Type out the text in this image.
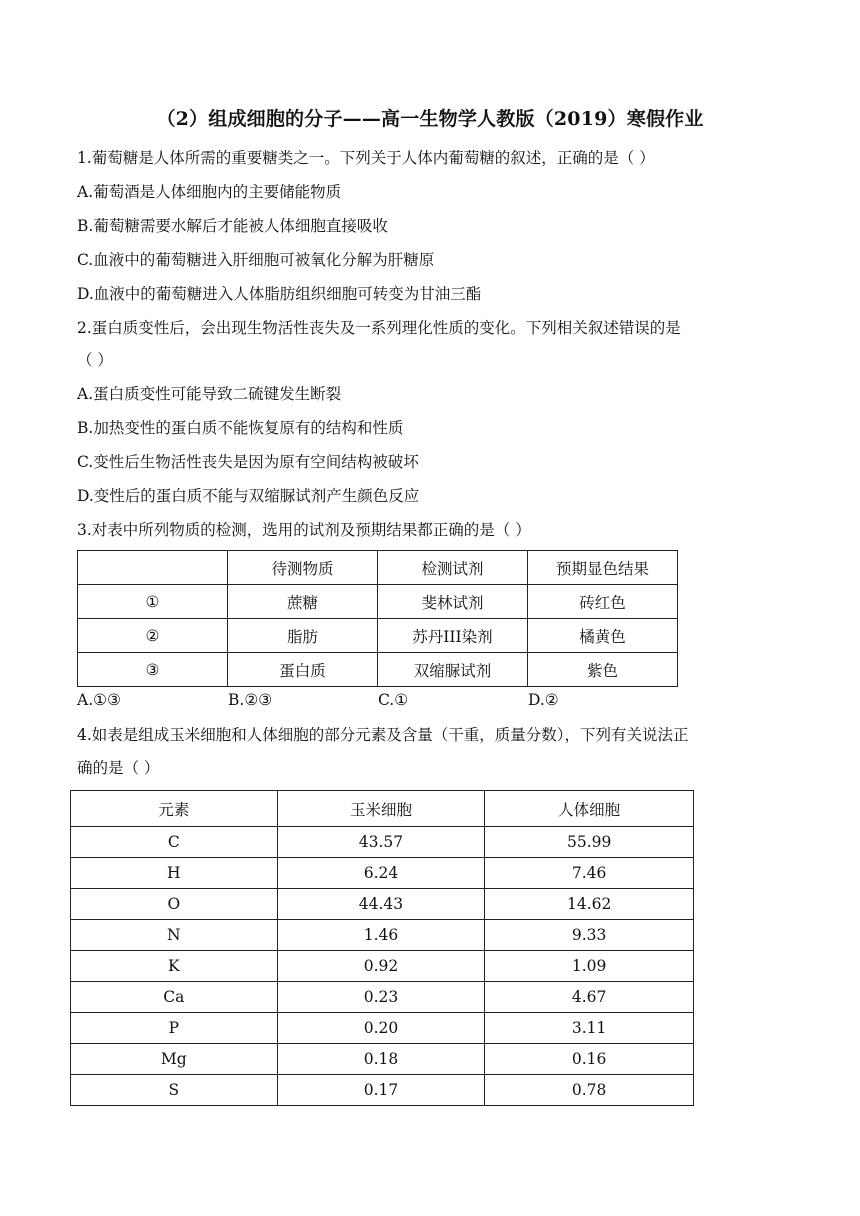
（2）组成细胞的分子——高一生物学人教版（2019）寒假作业

1.葡萄糖是人体所需的重要糖类之一。下列关于人体内葡萄糖的叙述，正确的是（ ）

A.葡萄酒是人体细胞内的主要储能物质

B.葡萄糖需要水解后才能被人体细胞直接吸收

C.血液中的葡萄糖进入肝细胞可被氧化分解为肝糖原

D.血液中的葡萄糖进入人体脂肪组织细胞可转变为甘油三酯

2.蛋白质变性后，会出现生物活性丧失及一系列理化性质的变化。下列相关叙述错误的是

（ ）

A.蛋白质变性可能导致二硫键发生断裂

B.加热变性的蛋白质不能恢复原有的结构和性质

C.变性后生物活性丧失是因为原有空间结构被破坏

D.变性后的蛋白质不能与双缩脲试剂产生颜色反应

3.对表中所列物质的检测，选用的试剂及预期结果都正确的是（ ）

	待测物质	检测试剂	预期显色结果
①	蔗糖	斐林试剂	砖红色
②	脂肪	苏丹III染剂	橘黄色
③	蛋白质	双缩脲试剂	紫色
A.①③	B.②③	C.①	D.②

4.如表是组成玉米细胞和人体细胞的部分元素及含量（干重，质量分数），下列有关说法正

确的是（ ）

元素	玉米细胞	人体细胞
C	43.57	55.99
H	6.24	7.46
O	44.43	14.62
N	1.46	9.33
K	0.92	1.09
Ca	0.23	4.67
P	0.20	3.11
Mg	0.18	0.16
S	0.17	0.78
